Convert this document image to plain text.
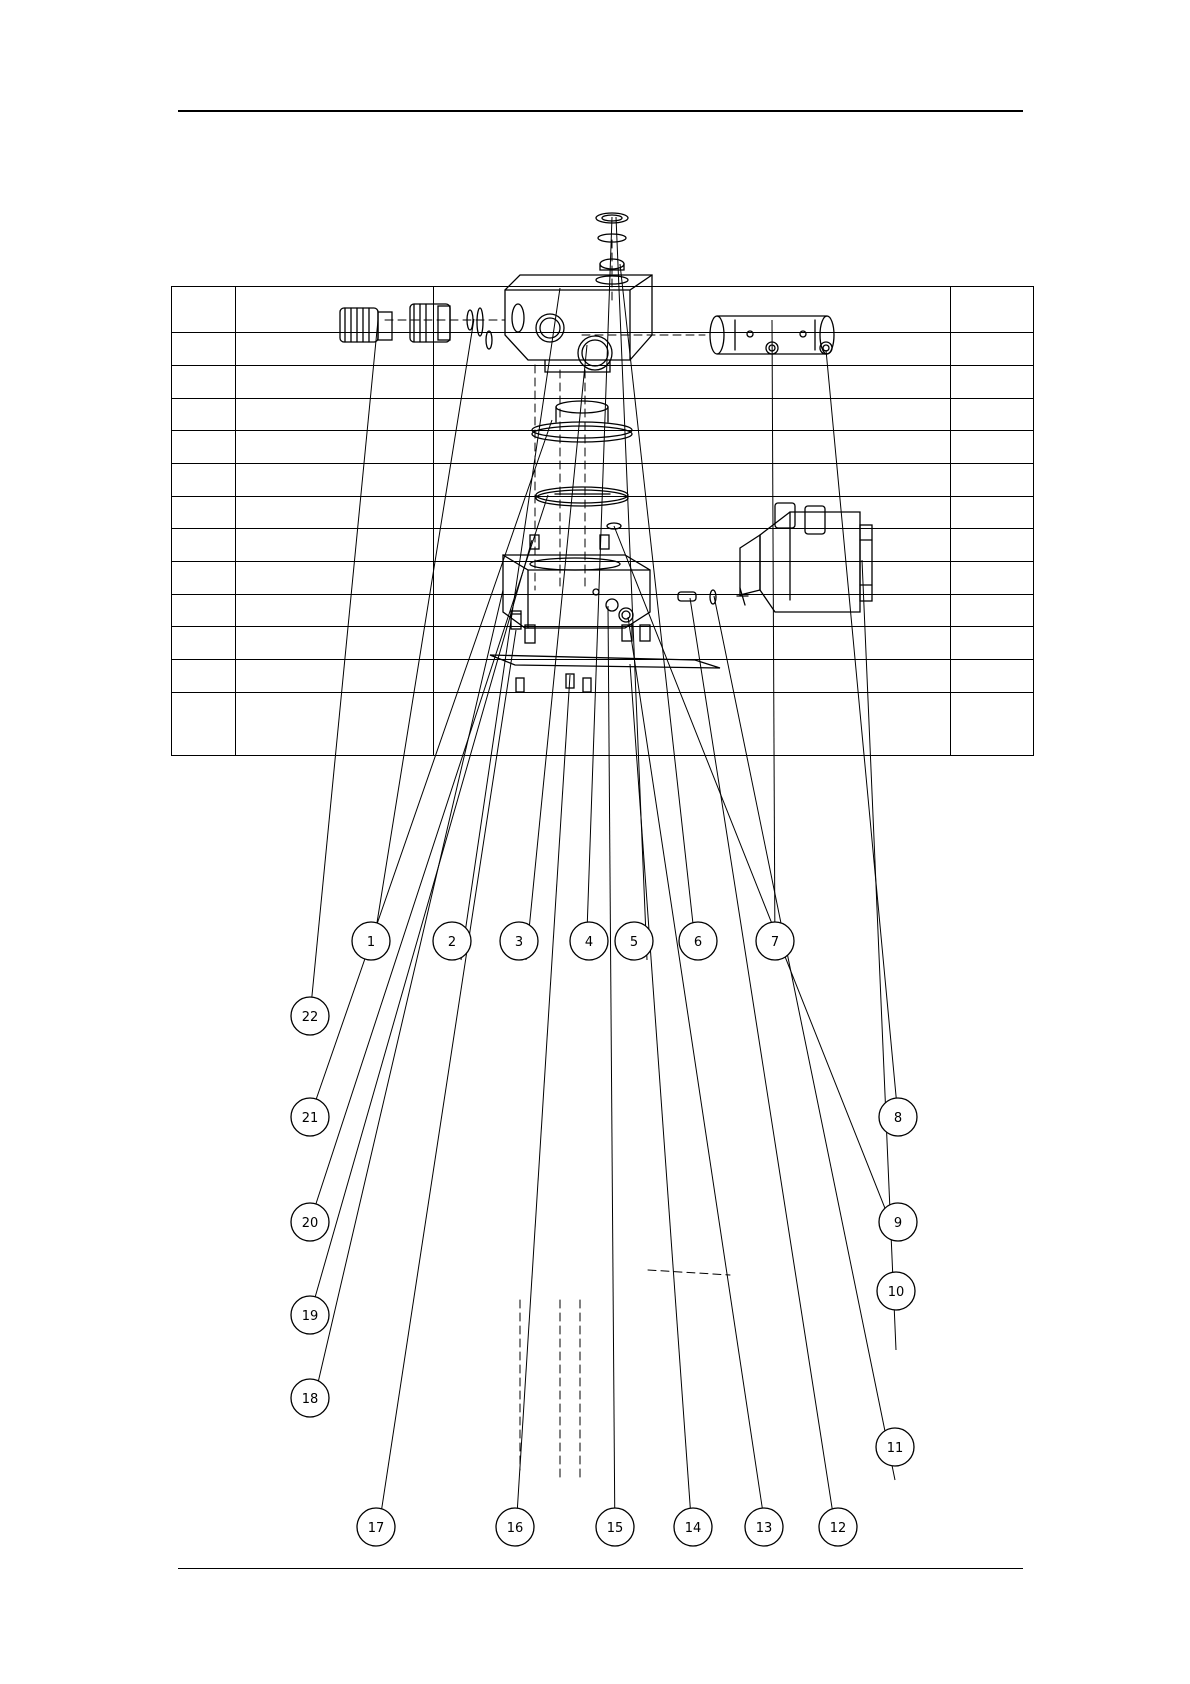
1	2	3	4	5	6	7
8
9
10
11
12
13
14
15
16
17
18
19
20
21
22
